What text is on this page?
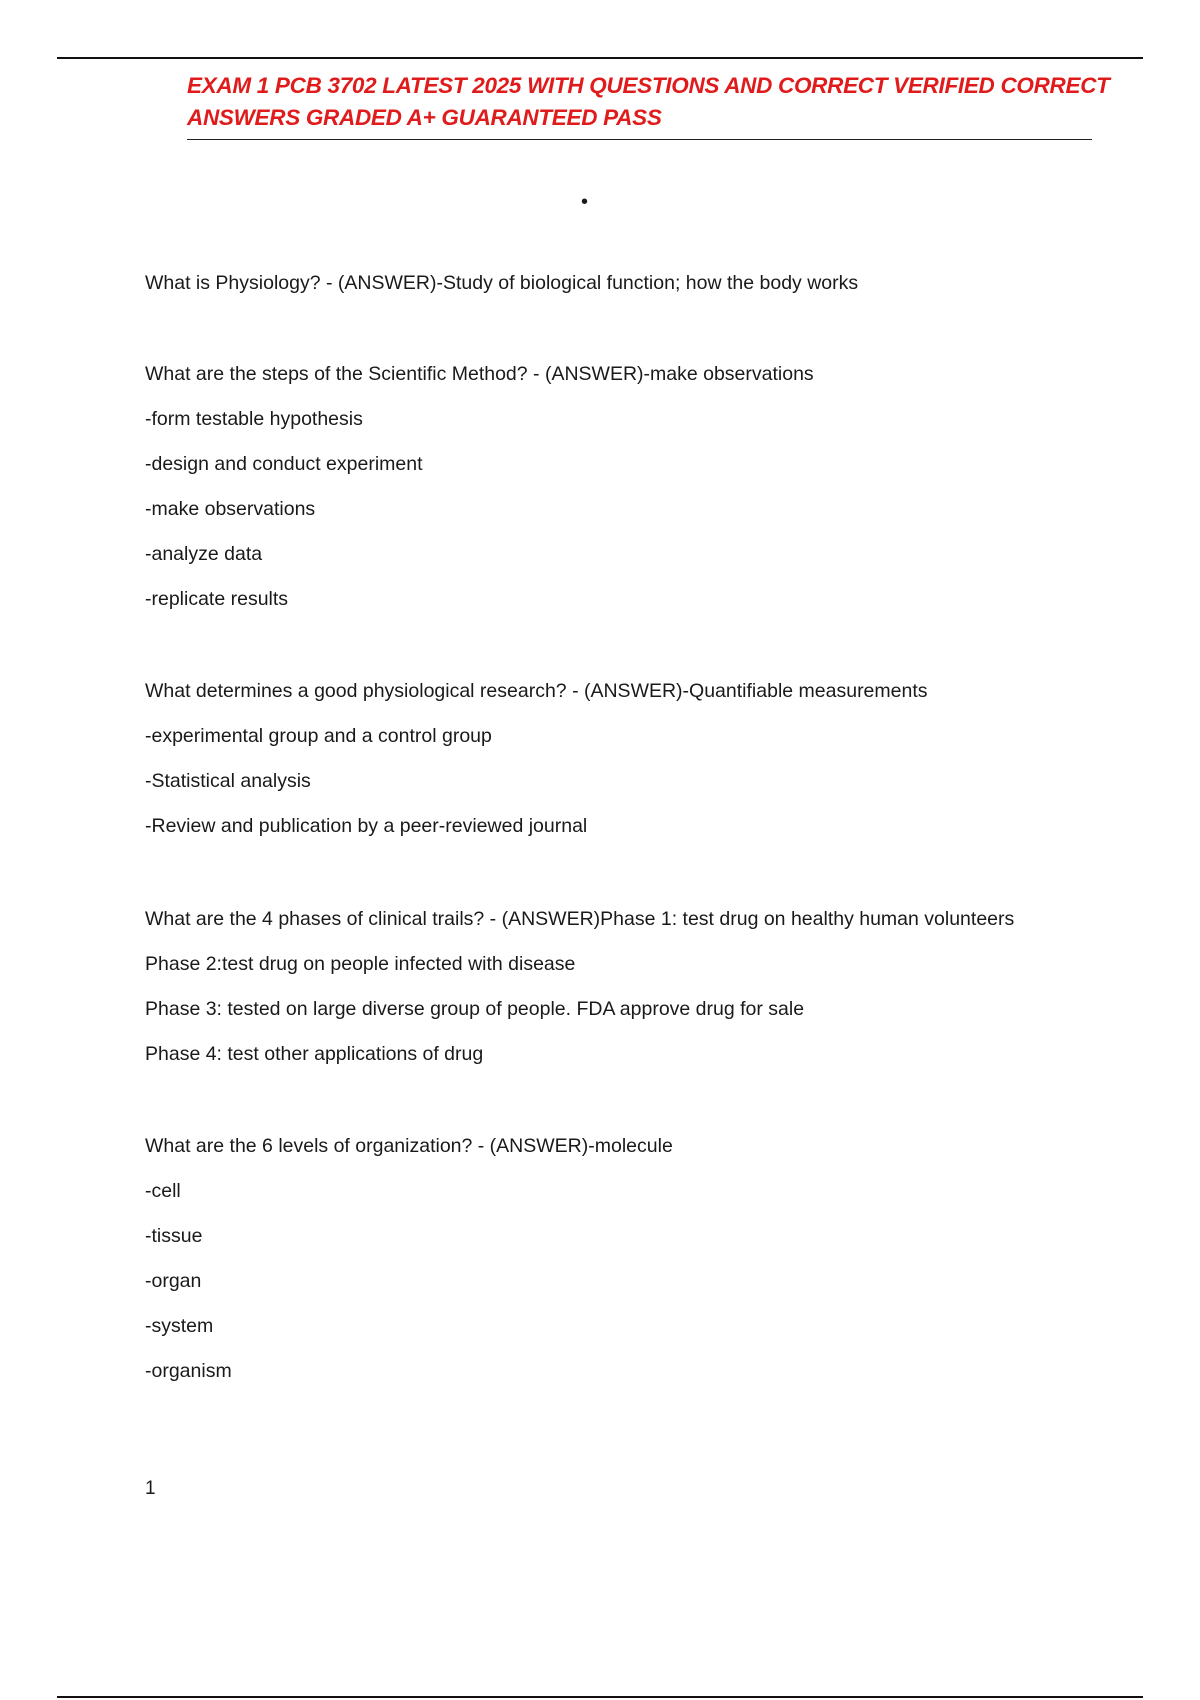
EXAM 1 PCB 3702 LATEST 2025 WITH QUESTIONS AND CORRECT VERIFIED CORRECT
ANSWERS GRADED A+ GUARANTEED PASS
•

What is Physiology? - (ANSWER)-Study of biological function; how the body works

What are the steps of the Scientific Method? - (ANSWER)-make observations

-form testable hypothesis

-design and conduct experiment

-make observations

-analyze data

-replicate results

What determines a good physiological research? - (ANSWER)-Quantifiable measurements

-experimental group and a control group

-Statistical analysis

-Review and publication by a peer-reviewed journal

What are the 4 phases of clinical trails? - (ANSWER)Phase 1: test drug on healthy human volunteers

Phase 2:test drug on people infected with disease

Phase 3: tested on large diverse group of people. FDA approve drug for sale

Phase 4: test other applications of drug

What are the 6 levels of organization? - (ANSWER)-molecule

-cell

-tissue

-organ

-system

-organism

1
